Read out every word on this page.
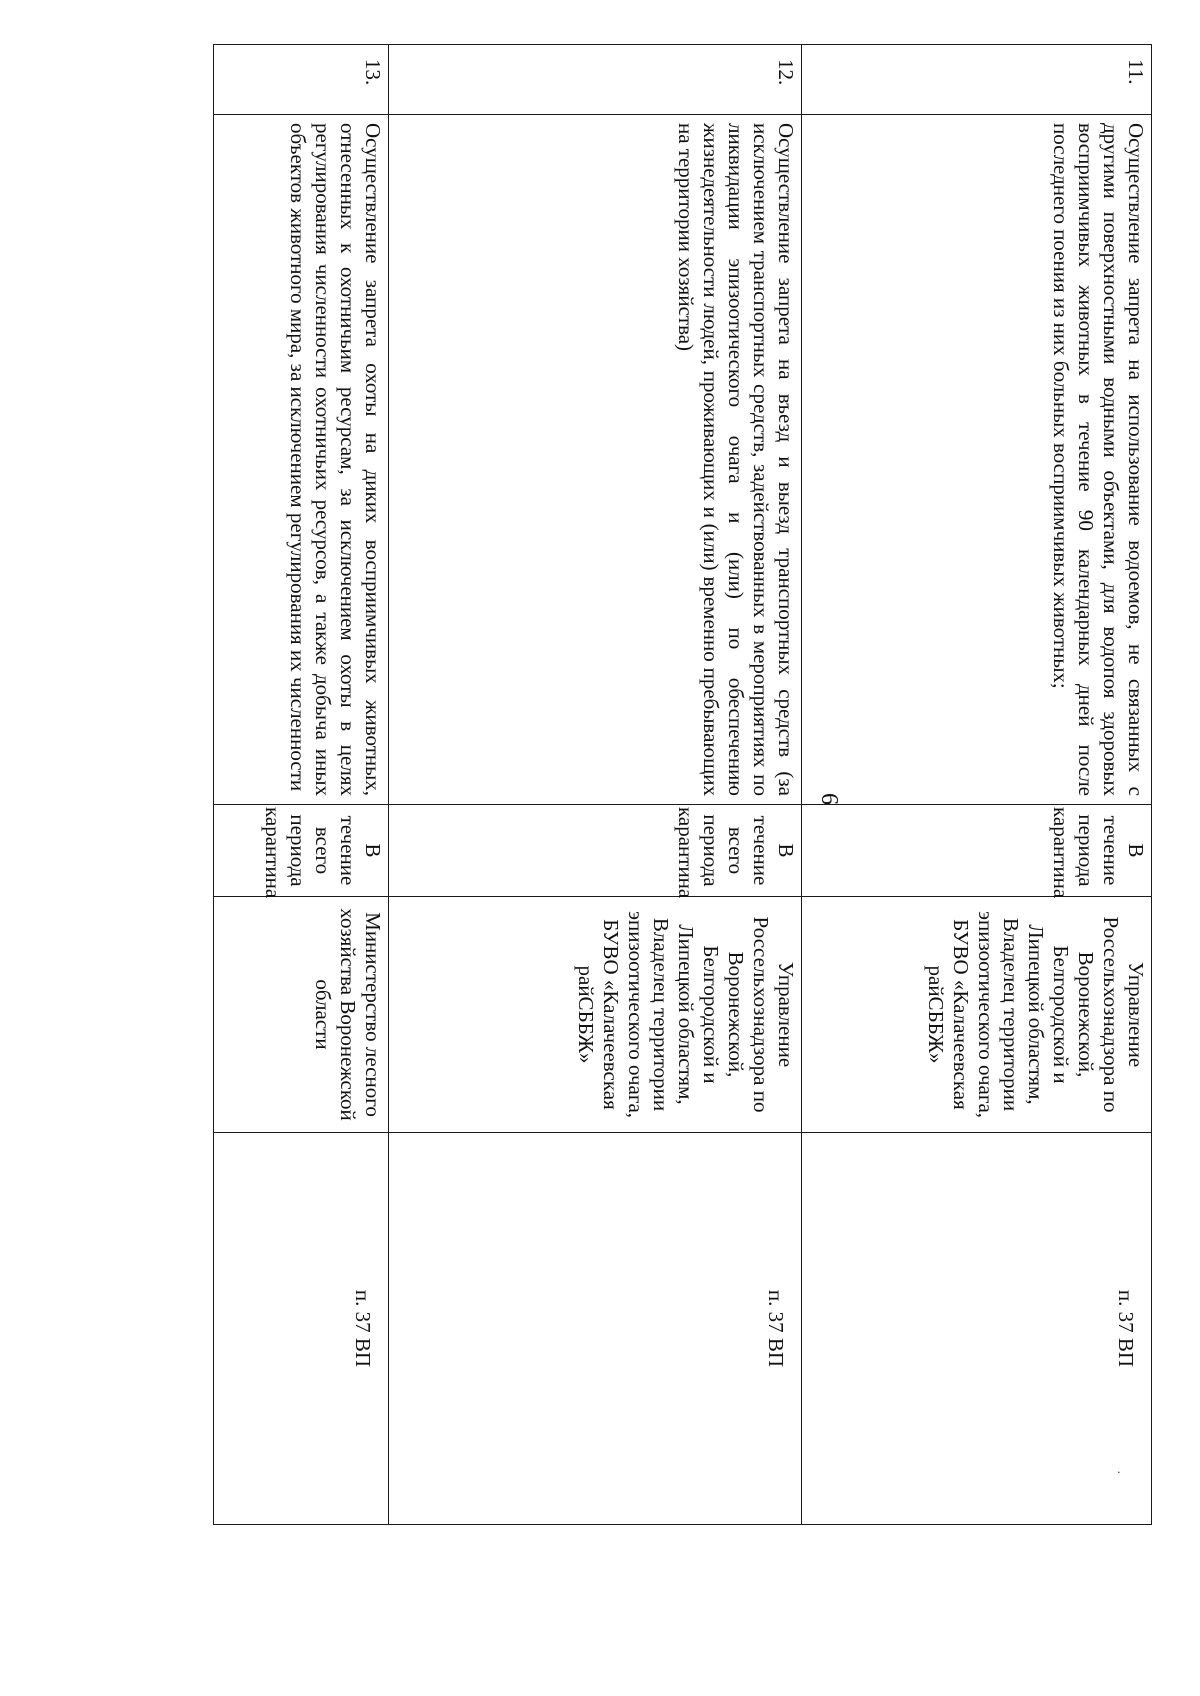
6
·
11.	Осуществление запрета на использование водоемов, не связанных с другими поверхностными водными объектами, для водопоя здоровых восприимчивых животных в течение 90 календарных дней после последнего поения из них больных восприимчивых животных;	В течение периода карантина	Управление Россельхознадзора по Воронежской, Белгородской и Липецкой областям, Владелец территории эпизоотического очага, БУВО «Калачеевская райСББЖ»	п. 37 ВП

12.	Осуществление запрета на въезд и выезд транспортных средств (за исключением транспортных средств, задействованных в мероприятиях по ликвидации эпизоотического очага и (или) по обеспечению жизнедеятельности людей, проживающих и (или) временно пребывающих на территории хозяйства)	В течение всего периода карантина	Управление Россельхознадзора по Воронежской, Белгородской и Липецкой областям, Владелец территории эпизоотического очага, БУВО «Калачеевская райСББЖ»	п. 37 ВП

13.	Осуществление запрета охоты на диких восприимчивых животных, отнесенных к охотничьим ресурсам, за исключением охоты в целях регулирования численности охотничьих ресурсов, а также добыча иных объектов животного мира, за исключением регулирования их численности	В течение всего периода карантина	Министерство лесного хозяйства Воронежской области	п. 37 ВП
